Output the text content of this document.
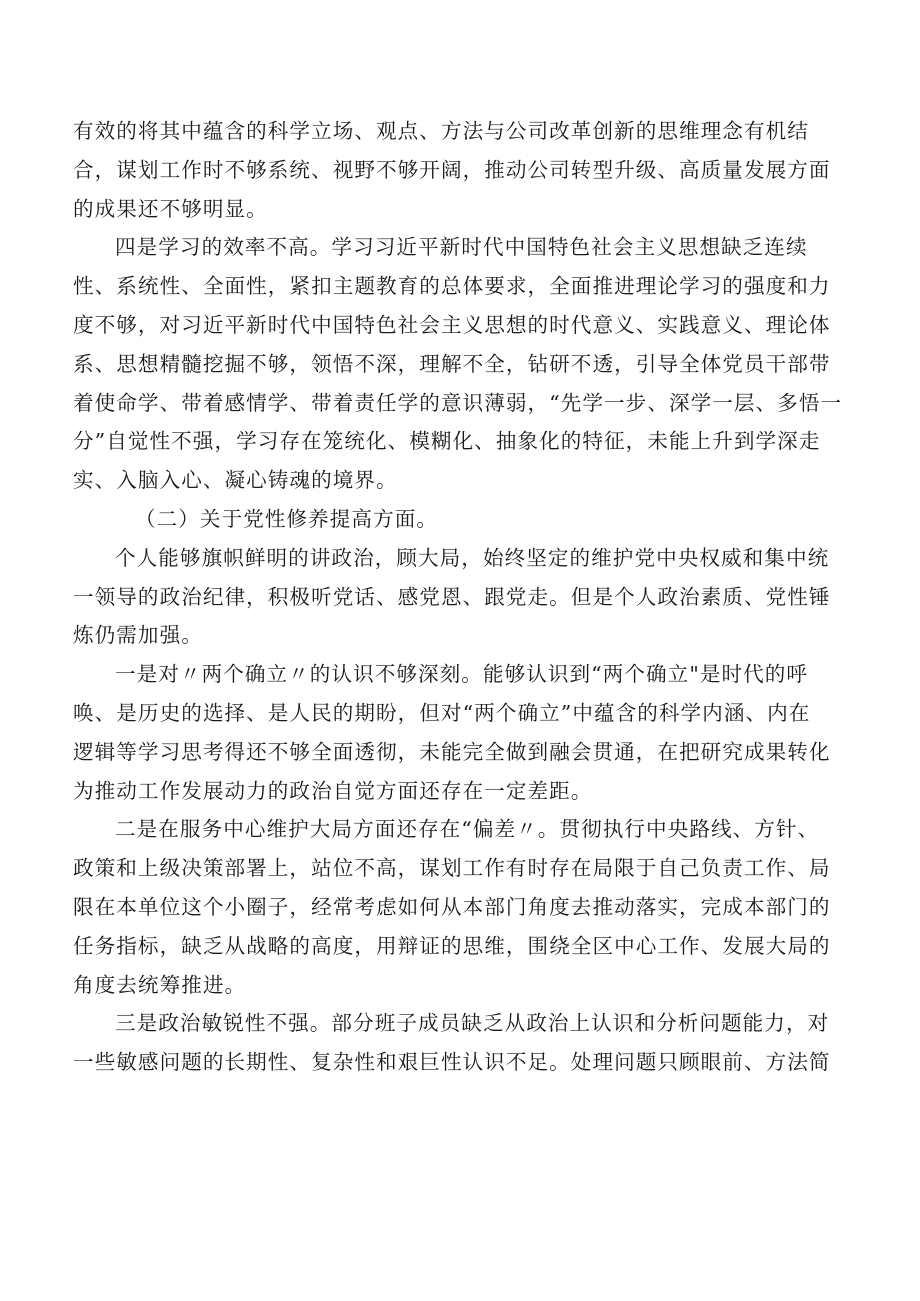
有效的将其中蕴含的科学立场、观点、方法与公司改革创新的思维理念有机结
合，谋划工作时不够系统、视野不够开阔，推动公司转型升级、高质量发展方面
的成果还不够明显。
四是学习的效率不高。学习习近平新时代中国特色社会主义思想缺乏连续
性、系统性、全面性，紧扣主题教育的总体要求，全面推进理论学习的强度和力
度不够，对习近平新时代中国特色社会主义思想的时代意义、实践意义、理论体
系、思想精髓挖掘不够，领悟不深，理解不全，钻研不透，引导全体党员干部带
着使命学、带着感情学、带着责任学的意识薄弱，“先学一步、深学一层、多悟一
分”自觉性不强，学习存在笼统化、模糊化、抽象化的特征，未能上升到学深走
实、入脑入心、凝心铸魂的境界。
（二）关于党性修养提高方面。
个人能够旗帜鲜明的讲政治，顾大局，始终坚定的维护党中央权威和集中统
一领导的政治纪律，积极听党话、感党恩、跟党走。但是个人政治素质、党性锤
炼仍需加强。
一是对〃两个确立〃的认识不够深刻。能够认识到“两个确立"是时代的呼
唤、是历史的选择、是人民的期盼，但对“两个确立”中蕴含的科学内涵、内在
逻辑等学习思考得还不够全面透彻，未能完全做到融会贯通，在把研究成果转化
为推动工作发展动力的政治自觉方面还存在一定差距。
二是在服务中心维护大局方面还存在“偏差〃。贯彻执行中央路线、方针、
政策和上级决策部署上，站位不高，谋划工作有时存在局限于自己负责工作、局
限在本单位这个小圈子，经常考虑如何从本部门角度去推动落实，完成本部门的
任务指标，缺乏从战略的高度，用辩证的思维，围绕全区中心工作、发展大局的
角度去统筹推进。
三是政治敏锐性不强。部分班子成员缺乏从政治上认识和分析问题能力，对
一些敏感问题的长期性、复杂性和艰巨性认识不足。处理问题只顾眼前、方法简
